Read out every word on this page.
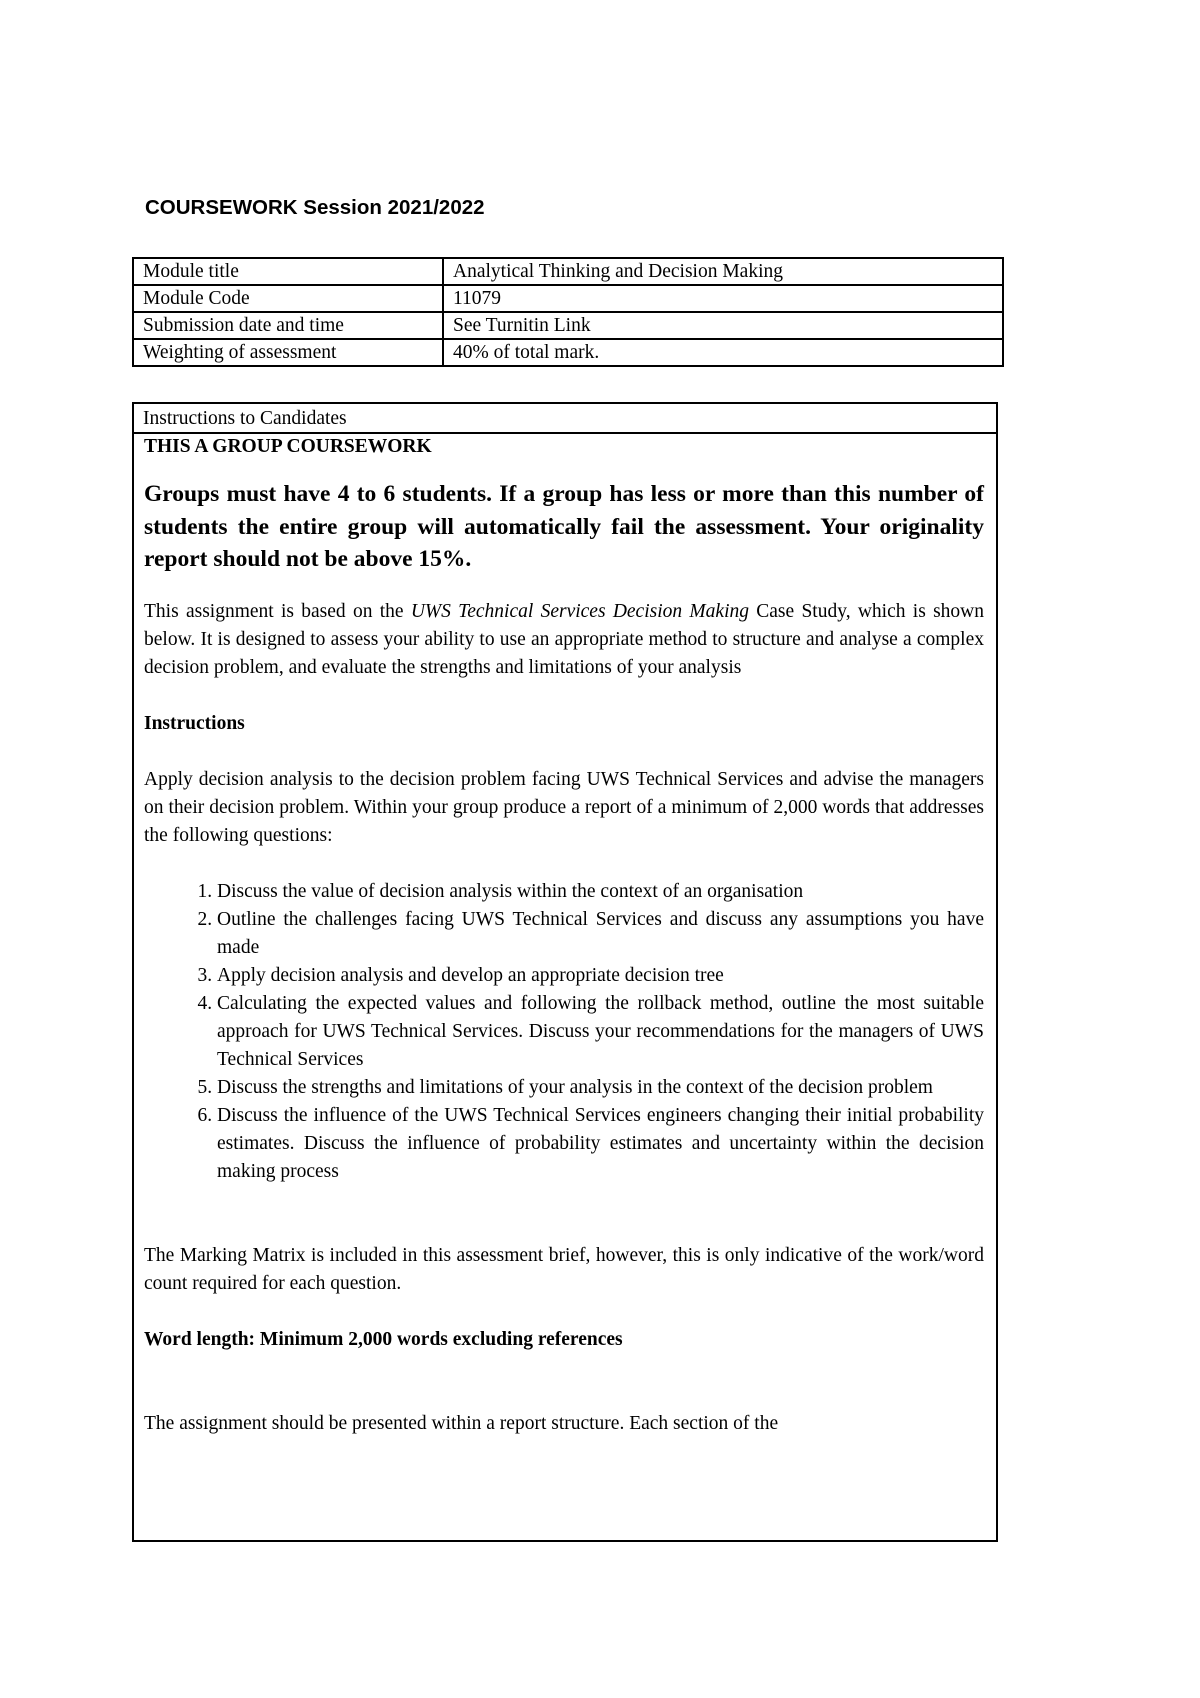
COURSEWORK Session 2021/2022
Module title	Analytical Thinking and Decision Making
Module Code	11079
Submission date and time	See Turnitin Link
Weighting of assessment	40% of total mark.
Instructions to Candidates

THIS A GROUP COURSEWORK

Groups must have 4 to 6 students. If a group has less or more than this number of students the entire group will automatically fail the assessment. Your originality report should not be above 15%.

This assignment is based on the UWS Technical Services Decision Making Case Study, which is shown below. It is designed to assess your ability to use an appropriate method to structure and analyse a complex decision problem, and evaluate the strengths and limitations of your analysis

Instructions

Apply decision analysis to the decision problem facing UWS Technical Services and advise the managers on their decision problem. Within your group produce a report of a minimum of 2,000 words that addresses the following questions:

1. Discuss the value of decision analysis within the context of an organisation
2. Outline the challenges facing UWS Technical Services and discuss any assumptions you have made
3. Apply decision analysis and develop an appropriate decision tree
4. Calculating the expected values and following the rollback method, outline the most suitable approach for UWS Technical Services. Discuss your recommendations for the managers of UWS Technical Services
5. Discuss the strengths and limitations of your analysis in the context of the decision problem
6. Discuss the influence of the UWS Technical Services engineers changing their initial probability estimates. Discuss the influence of probability estimates and uncertainty within the decision making process

The Marking Matrix is included in this assessment brief, however, this is only indicative of the work/word count required for each question.

Word length: Minimum 2,000 words excluding references

The assignment should be presented within a report structure. Each section of the
